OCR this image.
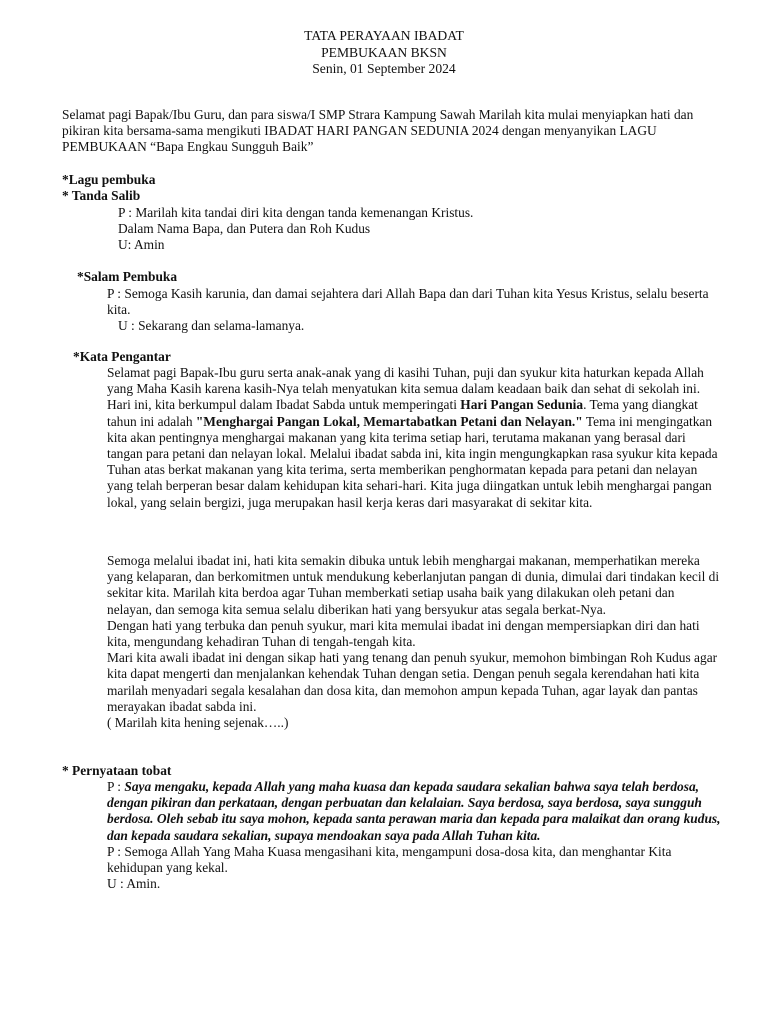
TATA PERAYAAN IBADAT
PEMBUKAAN BKSN
Senin, 01 September 2024

Selamat pagi Bapak/Ibu Guru, dan para siswa/I SMP Strara Kampung Sawah Marilah kita mulai menyiapkan hati dan pikiran kita bersama-sama mengikuti IBADAT HARI PANGAN SEDUNIA 2024 dengan menyanyikan LAGU PEMBUKAAN “Bapa Engkau Sungguh Baik”

*Lagu pembuka
* Tanda Salib
P : Marilah kita tandai diri kita dengan tanda kemenangan Kristus.
Dalam Nama Bapa, dan Putera dan Roh Kudus
U: Amin
*Salam Pembuka

P : Semoga Kasih karunia, dan damai sejahtera dari Allah Bapa dan dari Tuhan kita Yesus Kristus, selalu beserta kita.

U : Sekarang dan selama-lamanya.
*Kata Pengantar

Selamat pagi Bapak-Ibu guru serta anak-anak yang di kasihi Tuhan, puji dan syukur kita haturkan kepada Allah yang Maha Kasih karena kasih-Nya telah menyatukan kita semua dalam keadaan baik dan sehat di sekolah ini. Hari ini, kita berkumpul dalam Ibadat Sabda untuk memperingati Hari Pangan Sedunia. Tema yang diangkat tahun ini adalah "Menghargai Pangan Lokal, Memartabatkan Petani dan Nelayan." Tema ini mengingatkan kita akan pentingnya menghargai makanan yang kita terima setiap hari, terutama makanan yang berasal dari tangan para petani dan nelayan lokal. Melalui ibadat sabda ini, kita ingin mengungkapkan rasa syukur kita kepada Tuhan atas berkat makanan yang kita terima, serta memberikan penghormatan kepada para petani dan nelayan yang telah berperan besar dalam kehidupan kita sehari-hari. Kita juga diingatkan untuk lebih menghargai pangan lokal, yang selain bergizi, juga merupakan hasil kerja keras dari masyarakat di sekitar kita.

Semoga melalui ibadat ini, hati kita semakin dibuka untuk lebih menghargai makanan, memperhatikan mereka yang kelaparan, dan berkomitmen untuk mendukung keberlanjutan pangan di dunia, dimulai dari tindakan kecil di sekitar kita. Marilah kita berdoa agar Tuhan memberkati setiap usaha baik yang dilakukan oleh petani dan nelayan, dan semoga kita semua selalu diberikan hati yang bersyukur atas segala berkat-Nya.

Dengan hati yang terbuka dan penuh syukur, mari kita memulai ibadat ini dengan mempersiapkan diri dan hati kita, mengundang kehadiran Tuhan di tengah-tengah kita.

Mari kita awali ibadat ini dengan sikap hati yang tenang dan penuh syukur, memohon bimbingan Roh Kudus agar kita dapat mengerti dan menjalankan kehendak Tuhan dengan setia. Dengan penuh segala kerendahan hati kita marilah menyadari segala kesalahan dan dosa kita, dan memohon ampun kepada Tuhan, agar layak dan pantas merayakan ibadat sabda ini.

( Marilah kita hening sejenak…..)

* Pernyataan tobat

P : Saya mengaku, kepada Allah yang maha kuasa dan kepada saudara sekalian bahwa saya telah berdosa, dengan pikiran dan perkataan, dengan perbuatan dan kelalaian. Saya berdosa, saya berdosa, saya sungguh berdosa. Oleh sebab itu saya mohon, kepada santa perawan maria dan kepada para malaikat dan orang kudus, dan kepada saudara sekalian, supaya mendoakan saya pada Allah Tuhan kita.

P : Semoga Allah Yang Maha Kuasa mengasihani kita, mengampuni dosa-dosa kita, dan menghantar Kita kehidupan yang kekal.

U : Amin.
